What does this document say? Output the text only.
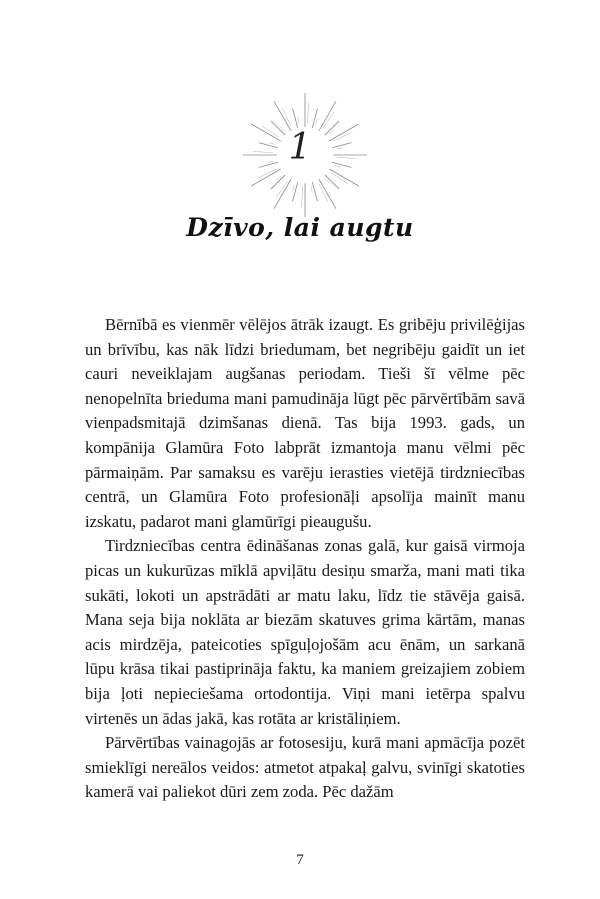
1
Dzīvo, lai augtu

Bērnībā es vienmēr vēlējos ātrāk izaugt. Es gribēju privilēģijas un brīvību, kas nāk līdzi briedumam, bet negribēju gaidīt un iet cauri neveiklajam augšanas periodam. Tieši šī vēlme pēc nenopelnīta brieduma mani pamudināja lūgt pēc pārvērtībām savā vienpadsmitajā dzimšanas dienā. Tas bija 1993. gads, un kompānija Glamūra Foto labprāt izmantoja manu vēlmi pēc pārmaiņām. Par samaksu es varēju ierasties vietējā tirdzniecības centrā, un Glamūra Foto profesionāļi apsolīja mainīt manu izskatu, padarot mani glamūrīgi pieaugušu.

Tirdzniecības centra ēdināšanas zonas galā, kur gaisā virmoja picas un kukurūzas mīklā apviļātu desiņu smarža, mani mati tika sukāti, lokoti un apstrādāti ar matu laku, līdz tie stāvēja gaisā. Mana seja bija noklāta ar biezām skatuves grima kārtām, manas acis mirdzēja, pateicoties spīguļojošām acu ēnām, un sarkanā lūpu krāsa tikai pastiprināja faktu, ka maniem greizajiem zobiem bija ļoti nepieciešama ortodontija. Viņi mani ietērpa spalvu virtenēs un ādas jakā, kas rotāta ar kristāliņiem.

Pārvērtības vainagojās ar fotosesiju, kurā mani apmācīja pozēt smieklīgi nereālos veidos: atmetot atpakaļ galvu, svinīgi skatoties kamerā vai paliekot dūri zem zoda. Pēc dažām

7
